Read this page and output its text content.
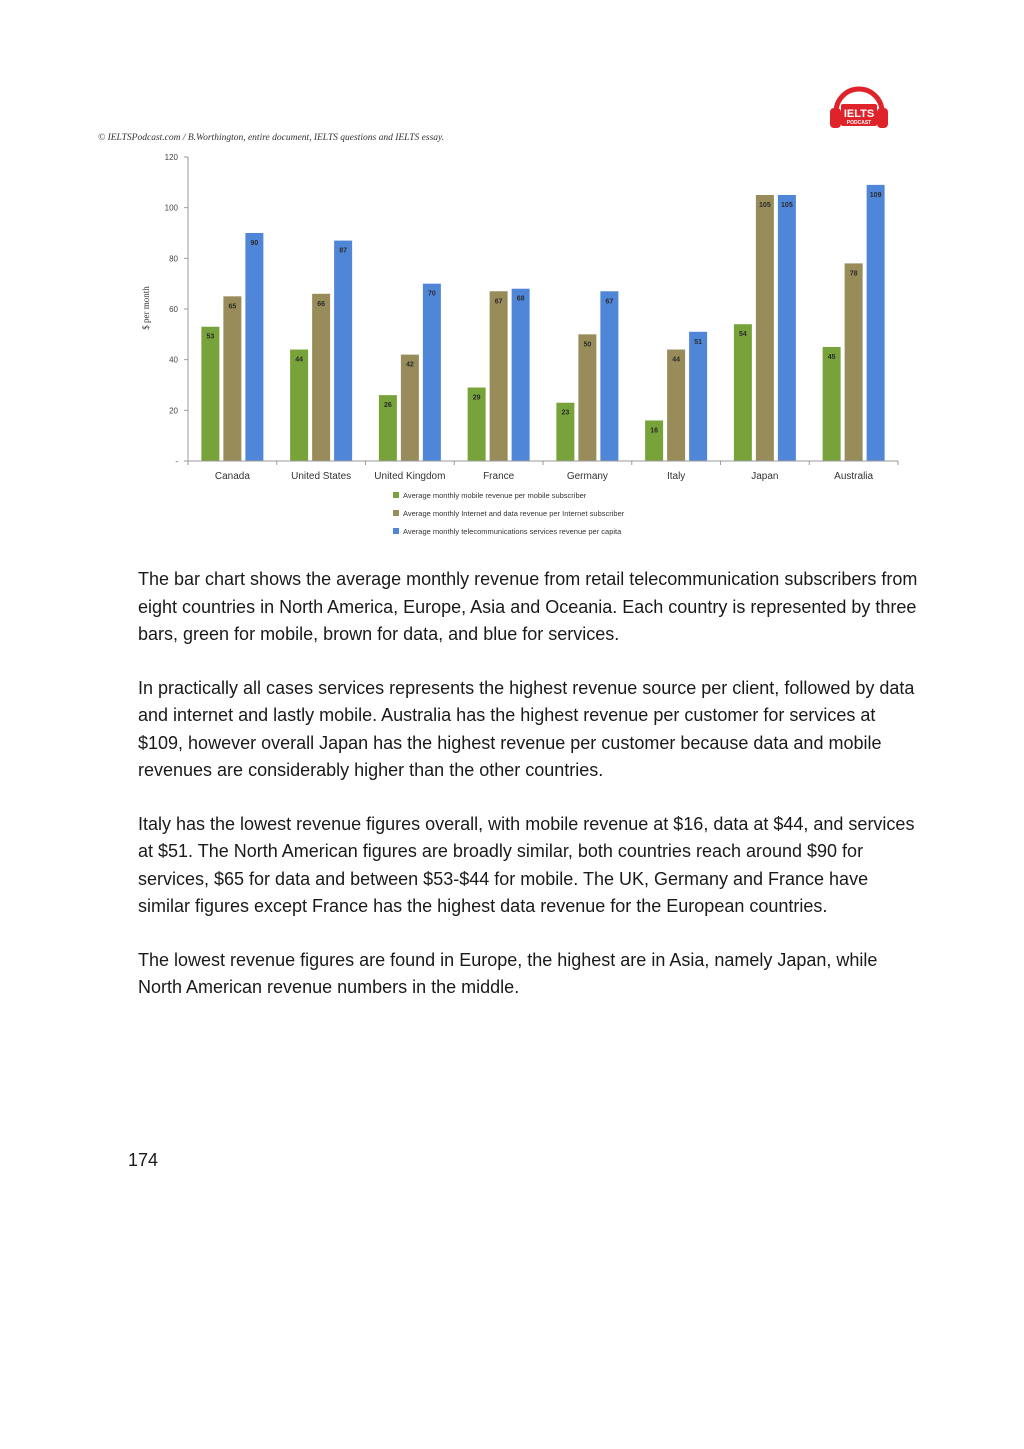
© IELTSPodcast.com / B.Worthington, entire document, IELTS questions and IELTS essay.
IELTS
PODCAST
$ per month
-
20
40
60
80
100
120
53
44
26
29
23
16
54
45
65	66
42
67
50
44
105
78
90
87
70
68	67
51
105
109
Canada	United States United Kingdom	France	Germany	Italy	Japan	Australia
Average monthly mobile revenue per mobile subscriber
Average monthly Internet and data revenue per Internet subscriber
Average monthly telecommunications services revenue per capita

The bar chart shows the average monthly revenue from retail telecommunication subscribers from eight countries in North America, Europe, Asia and Oceania. Each country is represented by three bars, green for mobile, brown for data, and blue for services.

In practically all cases services represents the highest revenue source per client, followed by data and internet and lastly mobile. Australia has the highest revenue per customer for services at $109, however overall Japan has the highest revenue per customer because data and mobile revenues are considerably higher than the other countries.

Italy has the lowest revenue figures overall, with mobile revenue at $16, data at $44, and services at $51. The North American figures are broadly similar, both countries reach around $90 for services, $65 for data and between $53-$44 for mobile. The UK, Germany and France have similar figures except France has the highest data revenue for the European countries.

The lowest revenue figures are found in Europe, the highest are in Asia, namely Japan, while North American revenue numbers in the middle.

174
